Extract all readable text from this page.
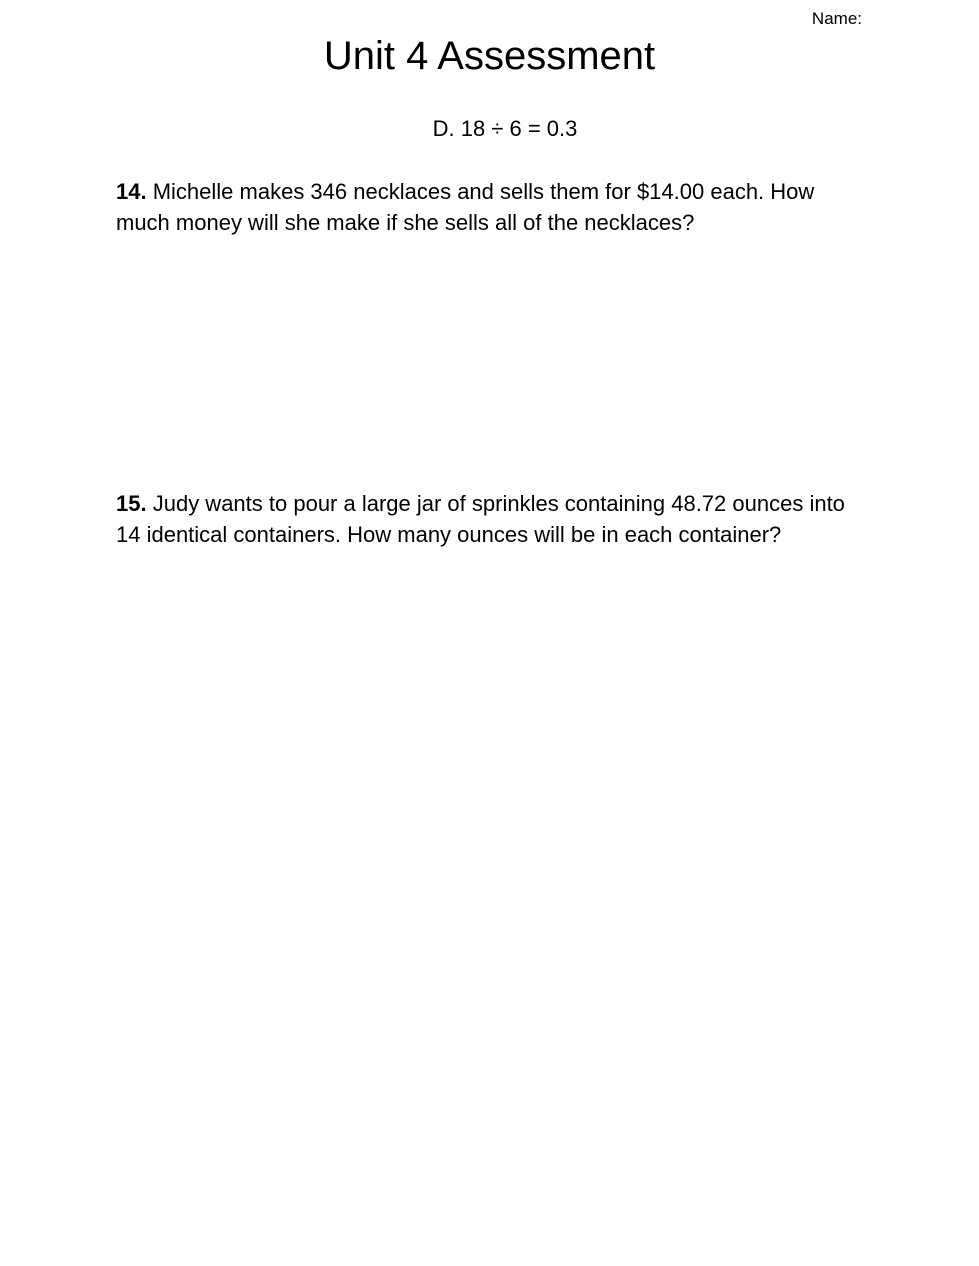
Name:
Unit 4 Assessment
D. 18 ÷ 6 = 0.3
14. Michelle makes 346 necklaces and sells them for $14.00 each. How much money will she make if she sells all of the necklaces?
15. Judy wants to pour a large jar of sprinkles containing 48.72 ounces into 14 identical containers. How many ounces will be in each container?
